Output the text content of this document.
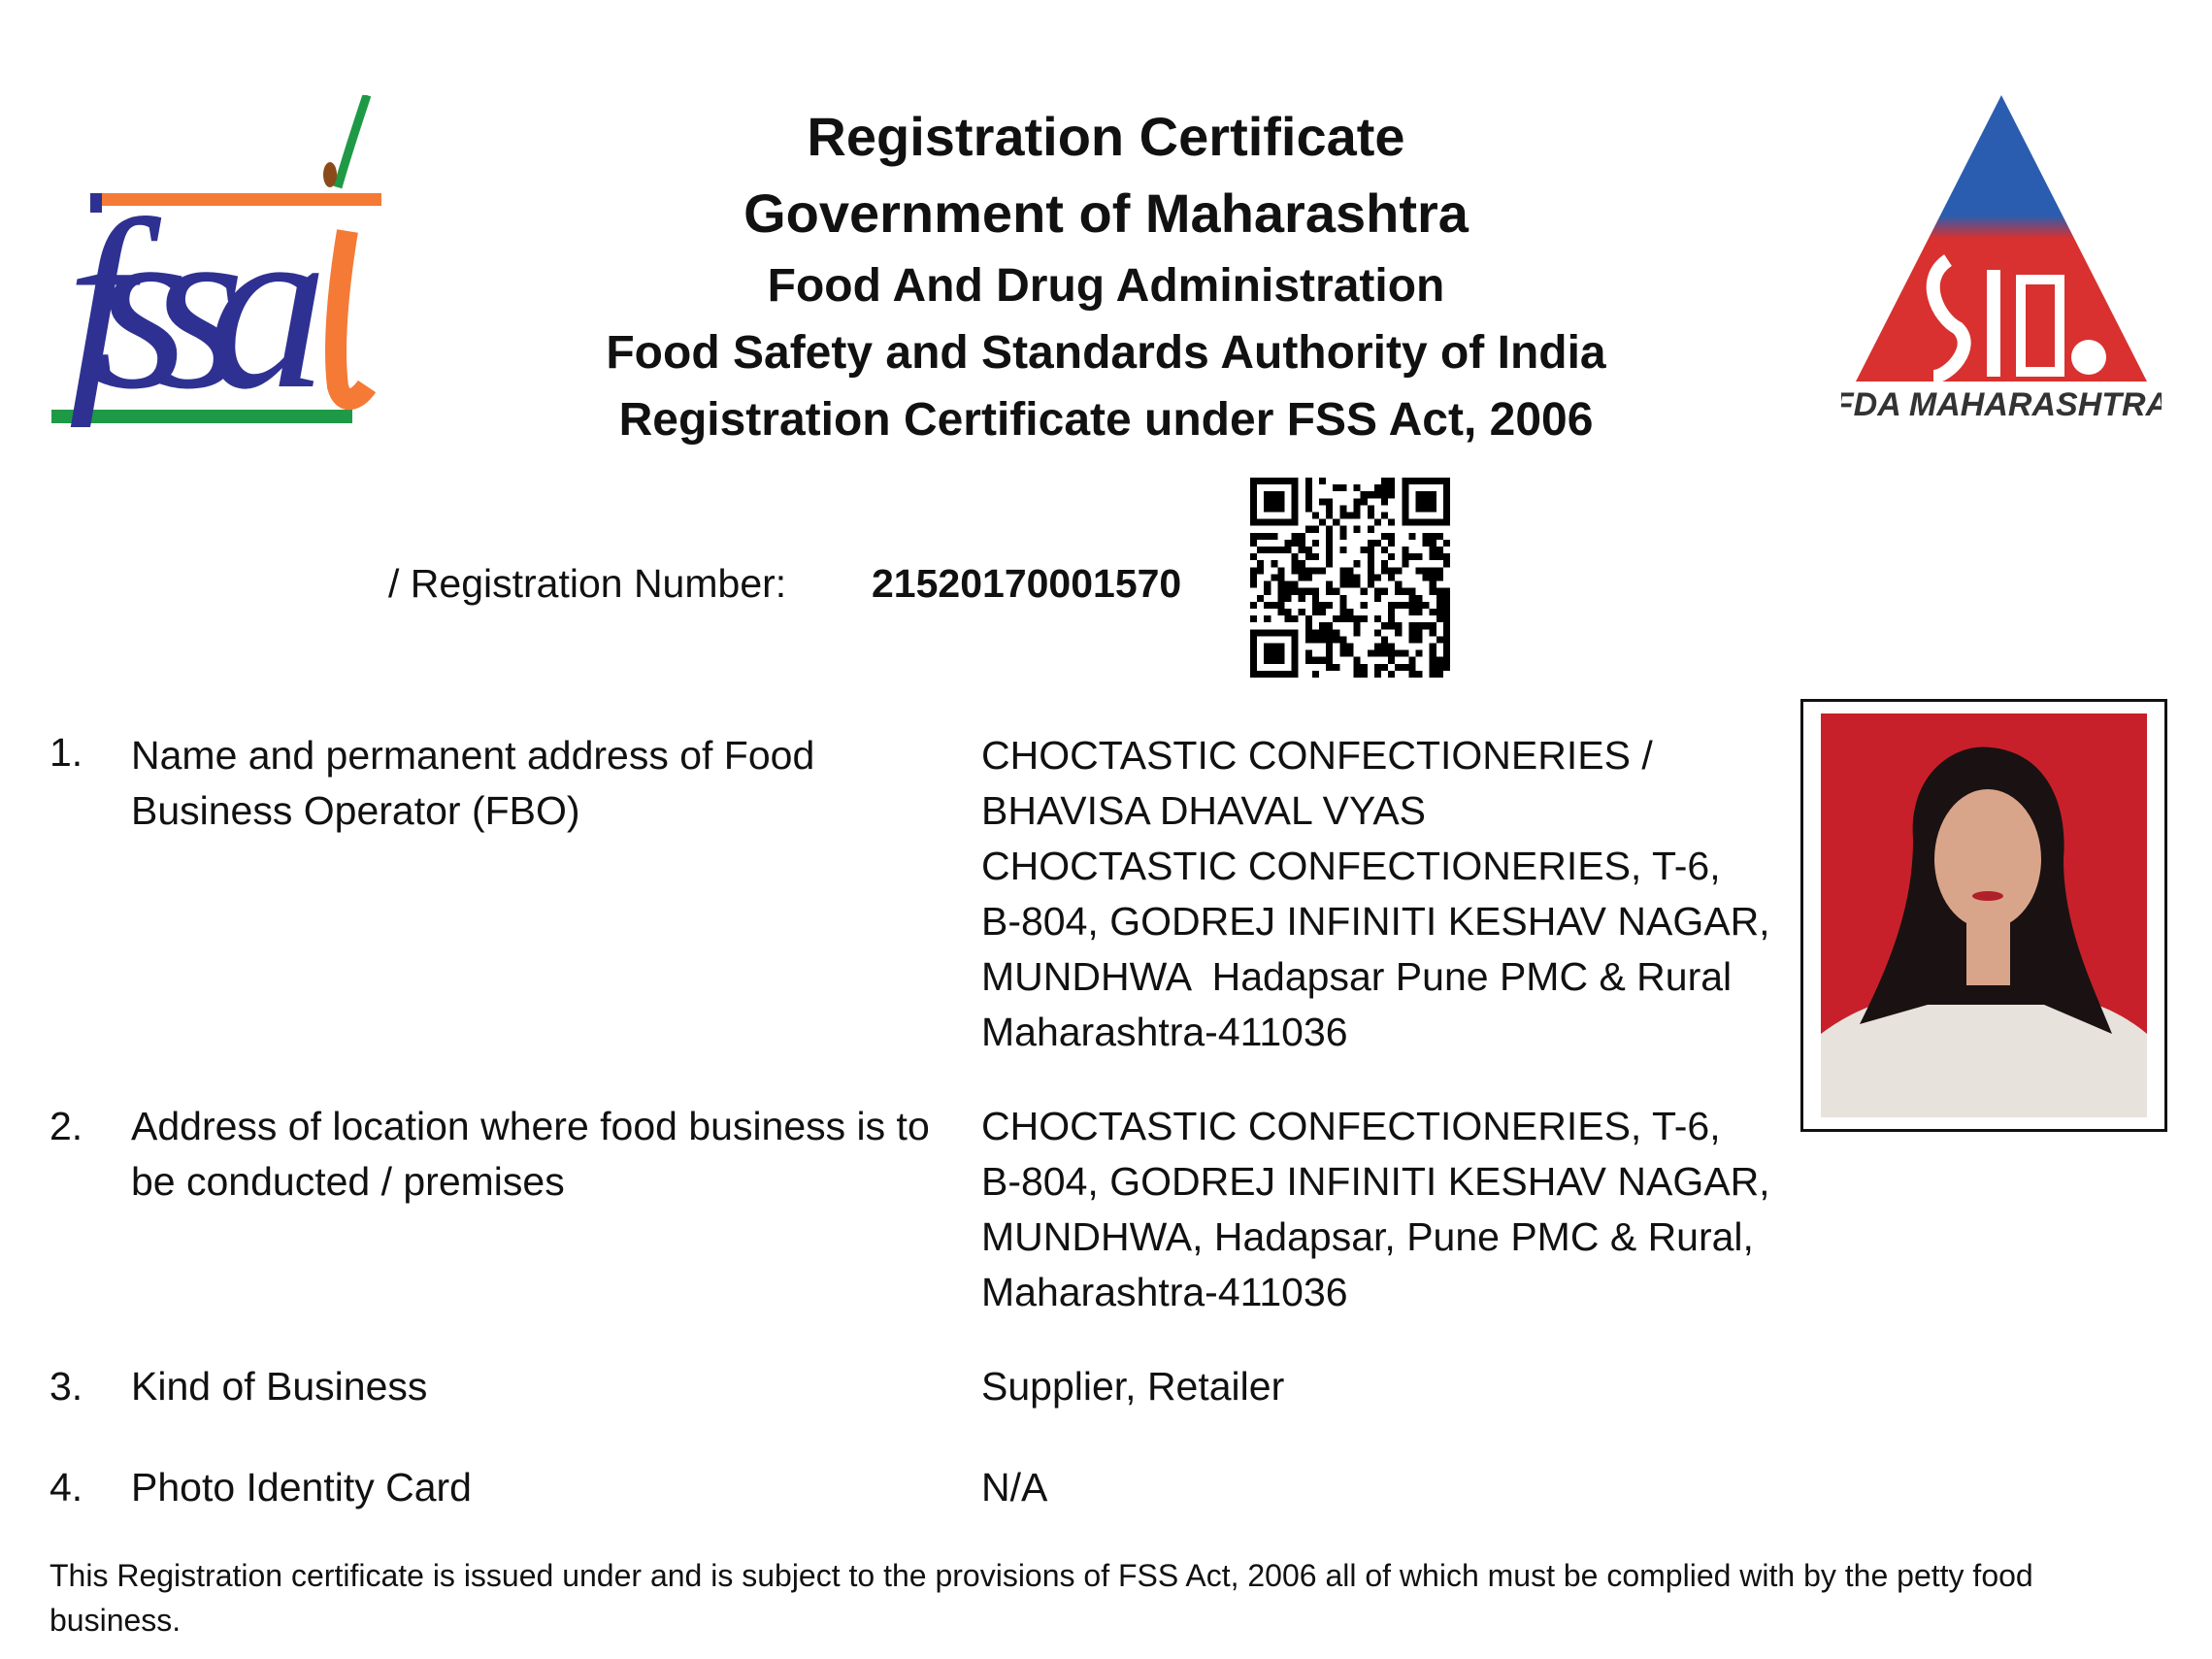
fssa
Registration Certificate
Government of Maharashtra
Food And Drug Administration
Food Safety and Standards Authority of India
Registration Certificate under FSS Act, 2006	FDA MAHARASHTRA
/ Registration Number: 21520170001570
1. Name and permanent address of Food Business Operator (FBO)
CHOCTASTIC CONFECTIONERIES /
BHAVISA DHAVAL VYAS
CHOCTASTIC CONFECTIONERIES, T-6,
B-804, GODREJ INFINITI KESHAV NAGAR,
MUNDHWA  Hadapsar Pune PMC & Rural
Maharashtra-411036
2. Address of location where food business is to be conducted / premises
CHOCTASTIC CONFECTIONERIES, T-6,
B-804, GODREJ INFINITI KESHAV NAGAR,
MUNDHWA, Hadapsar, Pune PMC & Rural,
Maharashtra-411036
3. Kind of Business	Supplier, Retailer
4. Photo Identity Card	N/A
This Registration certificate is issued under and is subject to the provisions of FSS Act, 2006 all of which must be complied with by the petty food business.
